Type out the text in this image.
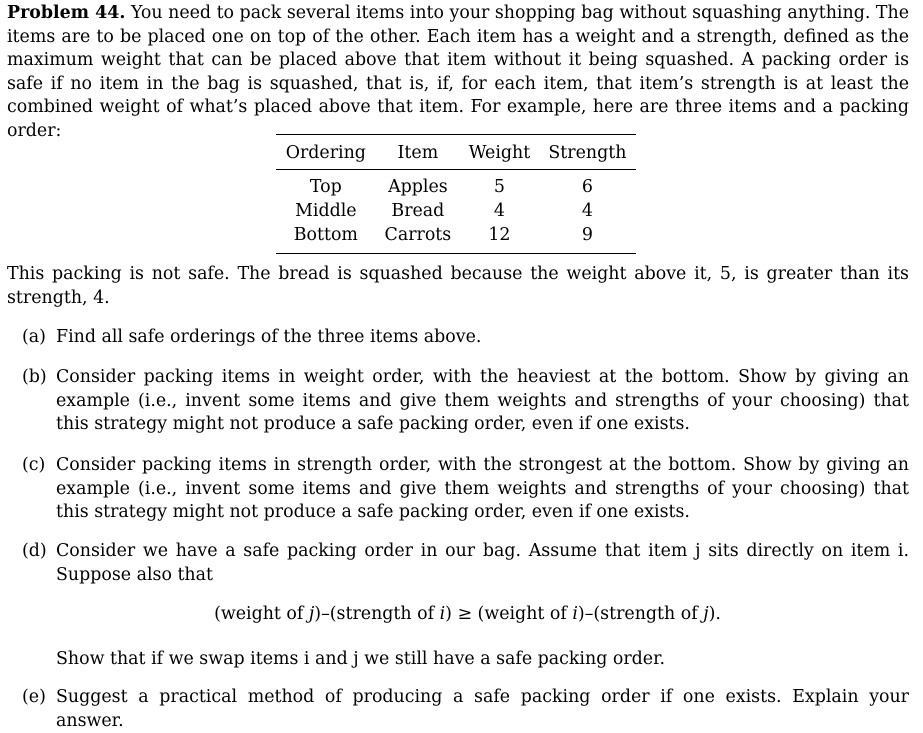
Problem 44. You need to pack several items into your shopping bag without squashing anything. The items are to be placed one on top of the other. Each item has a weight and a strength, defined as the maximum weight that can be placed above that item without it being squashed. A packing order is safe if no item in the bag is squashed, that is, if, for each item, that item’s strength is at least the combined weight of what’s placed above that item. For example, here are three items and a packing order:

Ordering	Item	Weight	Strength
Top	Apples	5	6
Middle	Bread	4	4
Bottom	Carrots	12	9

This packing is not safe. The bread is squashed because the weight above it, 5, is greater than its strength, 4.

(a) Find all safe orderings of the three items above.
(b) Consider packing items in weight order, with the heaviest at the bottom. Show by giving an example (i.e., invent some items and give them weights and strengths of your choosing) that this strategy might not produce a safe packing order, even if one exists.
(c) Consider packing items in strength order, with the strongest at the bottom. Show by giving an example (i.e., invent some items and give them weights and strengths of your choosing) that this strategy might not produce a safe packing order, even if one exists.
(d) Consider we have a safe packing order in our bag. Assume that item j sits directly on item i. Suppose also that
(weight of j)–(strength of i) ≥ (weight of i)–(strength of j).
Show that if we swap items i and j we still have a safe packing order.
(e) Suggest a practical method of producing a safe packing order if one exists. Explain your answer.
